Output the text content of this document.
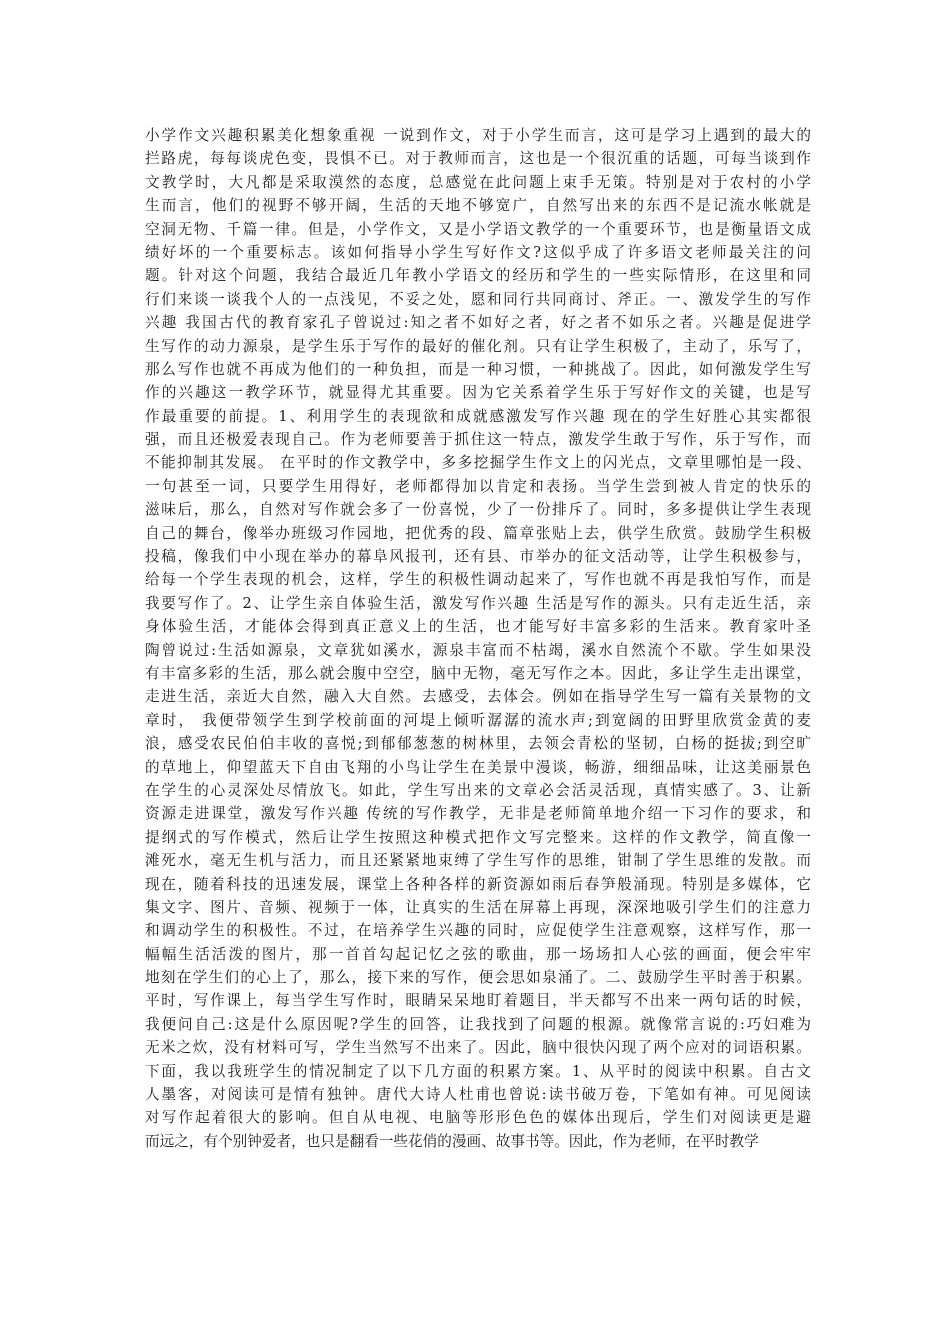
小学作文兴趣积累美化想象重视 一说到作文，对于小学生而言，这可是学习上遇到的最大的
拦路虎，每每谈虎色变，畏惧不已。对于教师而言，这也是一个很沉重的话题，可每当谈到作
文教学时，大凡都是采取漠然的态度，总感觉在此问题上束手无策。特别是对于农村的小学
生而言，他们的视野不够开阔，生活的天地不够宽广，自然写出来的东西不是记流水帐就是
空洞无物、千篇一律。但是，小学作文，又是小学语文教学的一个重要环节，也是衡量语文成
绩好坏的一个重要标志。该如何指导小学生写好作文?这似乎成了许多语文老师最关注的问
题。针对这个问题，我结合最近几年教小学语文的经历和学生的一些实际情形，在这里和同
行们来谈一谈我个人的一点浅见，不妥之处，愿和同行共同商讨、斧正。一、激发学生的写作
兴趣 我国古代的教育家孔子曾说过:知之者不如好之者，好之者不如乐之者。兴趣是促进学
生写作的动力源泉，是学生乐于写作的最好的催化剂。只有让学生积极了，主动了，乐写了，
那么写作也就不再成为他们的一种负担，而是一种习惯，一种挑战了。因此，如何激发学生写
作的兴趣这一教学环节，就显得尤其重要。因为它关系着学生乐于写好作文的关键，也是写
作最重要的前提。1、利用学生的表现欲和成就感激发写作兴趣 现在的学生好胜心其实都很
强，而且还极爱表现自己。作为老师要善于抓住这一特点，激发学生敢于写作，乐于写作，而
不能抑制其发展。 在平时的作文教学中，多多挖掘学生作文上的闪光点，文章里哪怕是一段、
一句甚至一词，只要学生用得好，老师都得加以肯定和表扬。当学生尝到被人肯定的快乐的
滋味后，那么，自然对写作就会多了一份喜悦，少了一份排斥了。同时，多多提供让学生表现
自己的舞台，像举办班级习作园地，把优秀的段、篇章张贴上去，供学生欣赏。鼓励学生积极
投稿，像我们中小现在举办的幕阜风报刊，还有县、市举办的征文活动等，让学生积极参与，
给每一个学生表现的机会，这样，学生的积极性调动起来了，写作也就不再是我怕写作，而是
我要写作了。2、让学生亲自体验生活，激发写作兴趣 生活是写作的源头。只有走近生活，亲
身体验生活，才能体会得到真正意义上的生活，也才能写好丰富多彩的生活来。教育家叶圣
陶曾说过:生活如源泉，文章犹如溪水，源泉丰富而不枯竭，溪水自然流个不歇。学生如果没
有丰富多彩的生活，那么就会腹中空空，脑中无物，毫无写作之本。因此，多让学生走出课堂，
走进生活，亲近大自然，融入大自然。去感受，去体会。例如在指导学生写一篇有关景物的文
章时， 我便带领学生到学校前面的河堤上倾听潺潺的流水声;到宽阔的田野里欣赏金黄的麦
浪，感受农民伯伯丰收的喜悦;到郁郁葱葱的树林里，去领会青松的坚韧，白杨的挺拔;到空旷
的草地上，仰望蓝天下自由飞翔的小鸟让学生在美景中漫谈，畅游，细细品味，让这美丽景色
在学生的心灵深处尽情放飞。如此，学生写出来的文章必会活灵活现，真情实感了。3、让新
资源走进课堂，激发写作兴趣 传统的写作教学，无非是老师简单地介绍一下习作的要求，和
提纲式的写作模式，然后让学生按照这种模式把作文写完整来。这样的作文教学，简直像一
滩死水，毫无生机与活力，而且还紧紧地束缚了学生写作的思维，钳制了学生思维的发散。而
现在，随着科技的迅速发展，课堂上各种各样的新资源如雨后春笋般涌现。特别是多媒体，它
集文字、图片、音频、视频于一体，让真实的生活在屏幕上再现，深深地吸引学生们的注意力
和调动学生的积极性。不过，在培养学生兴趣的同时，应促使学生注意观察，这样写作，那一
幅幅生活活泼的图片，那一首首勾起记忆之弦的歌曲，那一场场扣人心弦的画面，便会牢牢
地刻在学生们的心上了，那么，接下来的写作，便会思如泉涌了。二、鼓励学生平时善于积累。
平时，写作课上，每当学生写作时，眼睛呆呆地盯着题目，半天都写不出来一两句话的时候，
我便问自己:这是什么原因呢?学生的回答，让我找到了问题的根源。就像常言说的:巧妇难为
无米之炊，没有材料可写，学生当然写不出来了。因此，脑中很快闪现了两个应对的词语积累。
下面，我以我班学生的情况制定了以下几方面的积累方案。1、从平时的阅读中积累。自古文
人墨客，对阅读可是情有独钟。唐代大诗人杜甫也曾说:读书破万卷，下笔如有神。可见阅读
对写作起着很大的影响。但自从电视、电脑等形形色色的媒体出现后，学生们对阅读更是避
而远之，有个别钟爱者，也只是翻看一些花俏的漫画、故事书等。因此，作为老师，在平时教学
